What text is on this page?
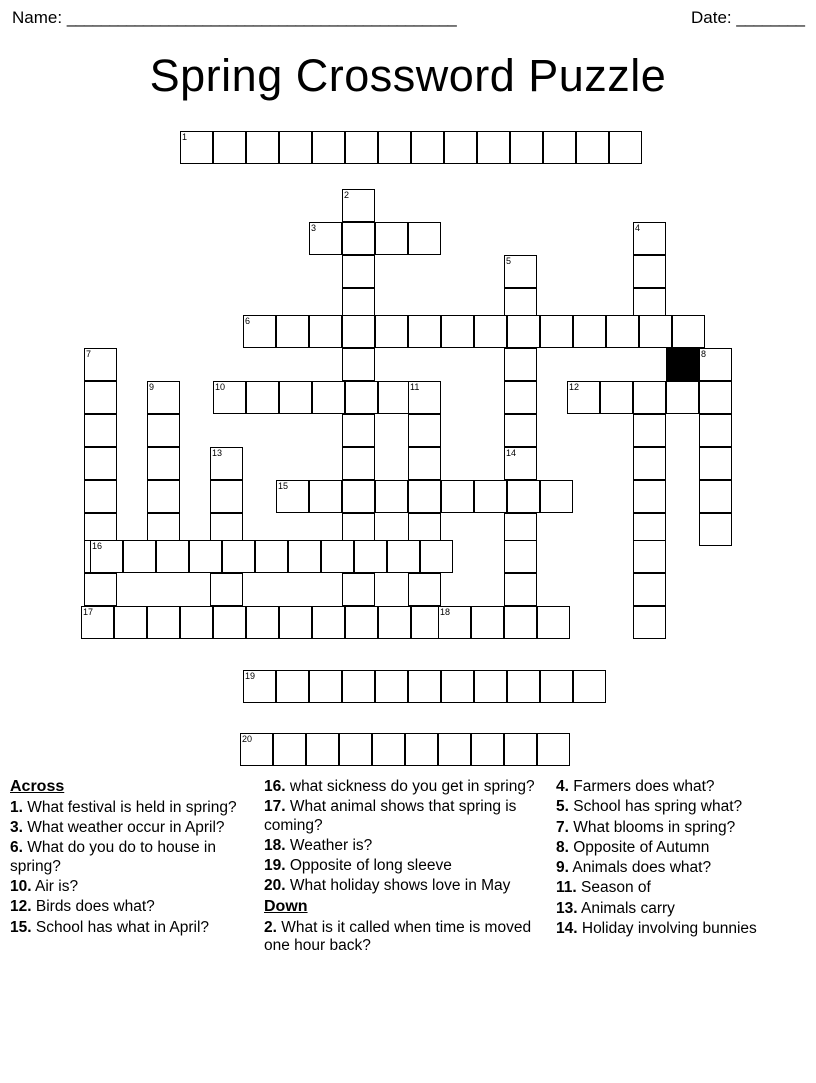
Name: ______________________________________________	Date: ________
Spring Crossword Puzzle
1
2
3	4
5
6
7	8
9	10	11	12
13	14
15
16
17	18
19
20
Across
1. What festival is held in spring?
3. What weather occur in April?
6. What do you do to house in spring?
10. Air is?
12. Birds does what?
15. School has what in April?
16. what sickness do you get in spring?
17. What animal shows that spring is coming?
18. Weather is?
19. Opposite of long sleeve
20. What holiday shows love in May
Down
2. What is it called when time is moved one hour back?
4. Farmers does what?
5. School has spring what?
7. What blooms in spring?
8. Opposite of Autumn
9. Animals does what?
11. Season of
13. Animals carry
14. Holiday involving bunnies
